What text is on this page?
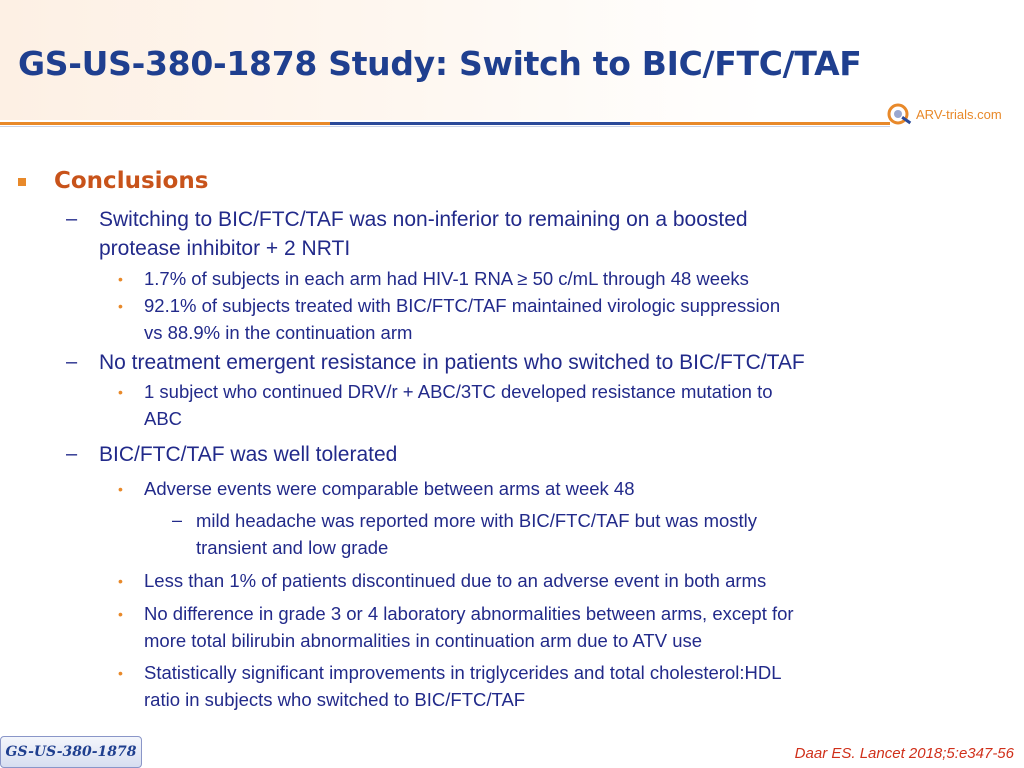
GS-US-380-1878 Study: Switch to BIC/FTC/TAF
ARV-trials.com
Conclusions
– Switching to BIC/FTC/TAF was non-inferior to remaining on a boosted
protease inhibitor + 2 NRTI
• 1.7% of subjects in each arm had HIV-1 RNA ≥ 50 c/mL through 48 weeks
• 92.1% of subjects treated with BIC/FTC/TAF maintained virologic suppression
vs 88.9% in the continuation arm
– No treatment emergent resistance in patients who switched to BIC/FTC/TAF
• 1 subject who continued DRV/r + ABC/3TC developed resistance mutation to
ABC
– BIC/FTC/TAF was well tolerated
• Adverse events were comparable between arms at week 48
– mild headache was reported more with BIC/FTC/TAF but was mostly
transient and low grade
• Less than 1% of patients discontinued due to an adverse event in both arms
• No difference in grade 3 or 4 laboratory abnormalities between arms, except for
more total bilirubin abnormalities in continuation arm due to ATV use
• Statistically significant improvements in triglycerides and total cholesterol:HDL
ratio in subjects who switched to BIC/FTC/TAF
GS-US-380-1878	Daar ES. Lancet 2018;5:e347-56
